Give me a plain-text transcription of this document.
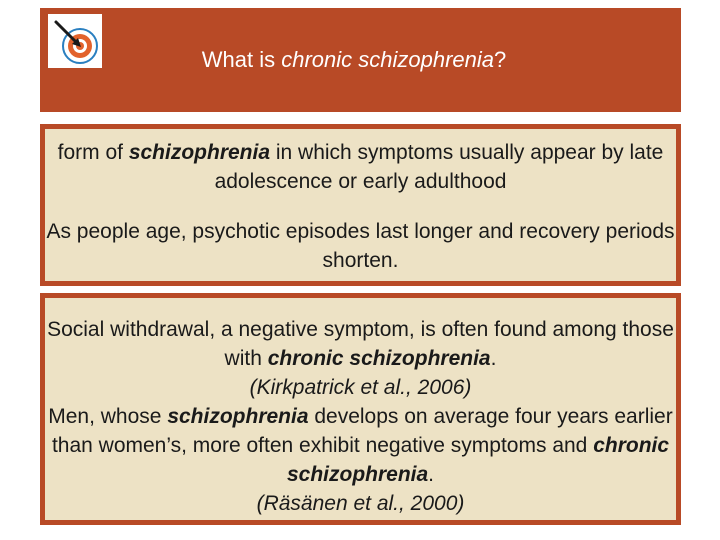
What is chronic schizophrenia?

form of schizophrenia in which symptoms usually appear by late adolescence or early adulthood

As people age, psychotic episodes last longer and recovery periods shorten.

Social withdrawal, a negative symptom, is often found among those with chronic schizophrenia.

(Kirkpatrick et al., 2006)

Men, whose schizophrenia develops on average four years earlier than women’s, more often exhibit negative symptoms and chronic schizophrenia.

(Räsänen et al., 2000)
